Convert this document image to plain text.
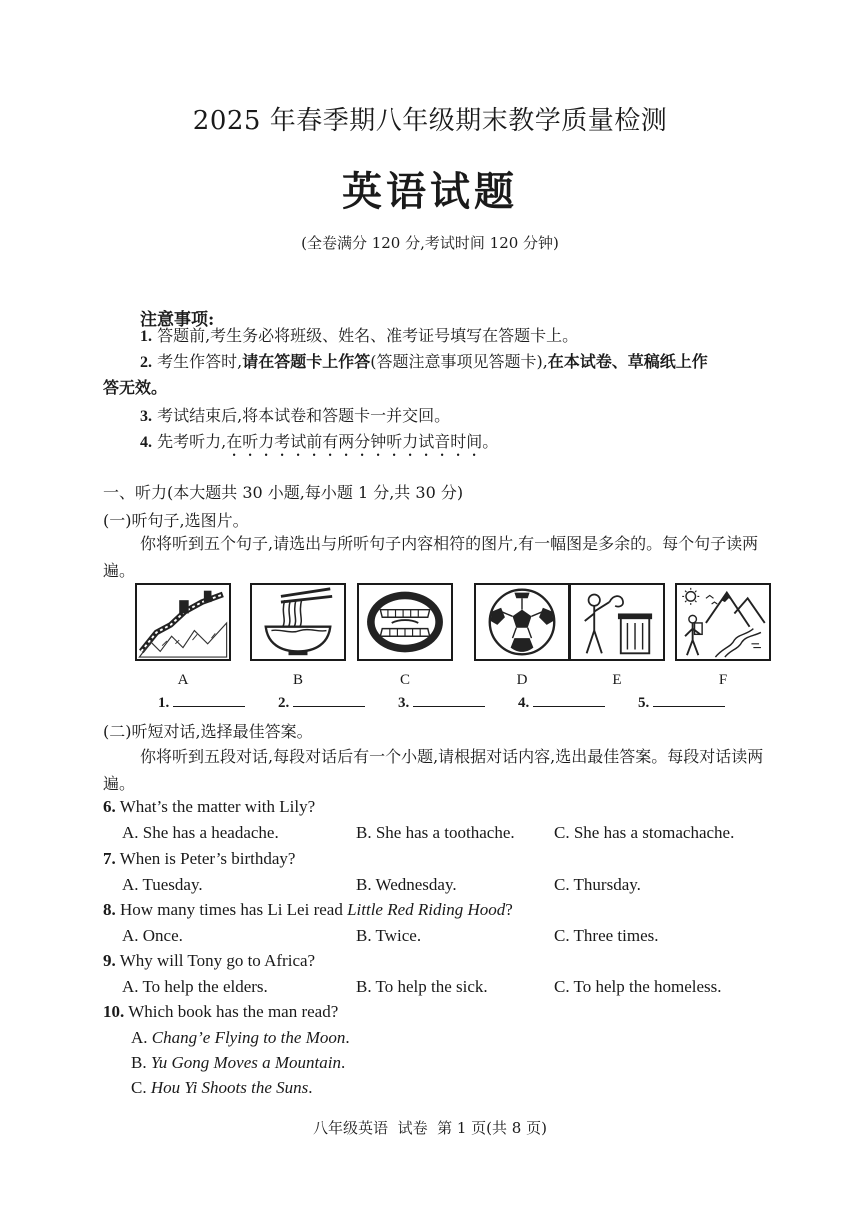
2025 年春季期八年级期末教学质量检测
英语试题
(全卷满分 120 分,考试时间 120 分钟)
注意事项:
1. 答题前,考生务必将班级、姓名、准考证号填写在答题卡上。
2. 考生作答时,请在答题卡上作答(答题注意事项见答题卡),在本试卷、草稿纸上作
答无效。
3. 考试结束后,将本试卷和答题卡一并交回。
4. 先考听力,在听力考试前有两分钟听力试音时间。
一、听力(本大题共 30 小题,每小题 1 分,共 30 分)
(一)听句子,选图片。
你将听到五个句子,请选出与所听句子内容相符的图片,有一幅图是多余的。每个句子读两遍。
A	B	C	D	E	F
1.	2.	3.	4.	5.
(二)听短对话,选择最佳答案。
你将听到五段对话,每段对话后有一个小题,请根据对话内容,选出最佳答案。每段对话读两遍。
6. What’s the matter with Lily?
A. She has a headache.	B. She has a toothache. C. She has a stomachache.
7. When is Peter’s birthday?
A. Tuesday.	B. Wednesday.	C. Thursday.
8. How many times has Li Lei read Little Red Riding Hood?
A. Once.	B. Twice.	C. Three times.
9. Why will Tony go to Africa?
A. To help the elders.	B. To help the sick.	C. To help the homeless.
10. Which book has the man read?
A. Chang’e Flying to the Moon.
B. Yu Gong Moves a Mountain.
C. Hou Yi Shoots the Suns.
八年级英语  试卷  第 1 页(共 8 页)
